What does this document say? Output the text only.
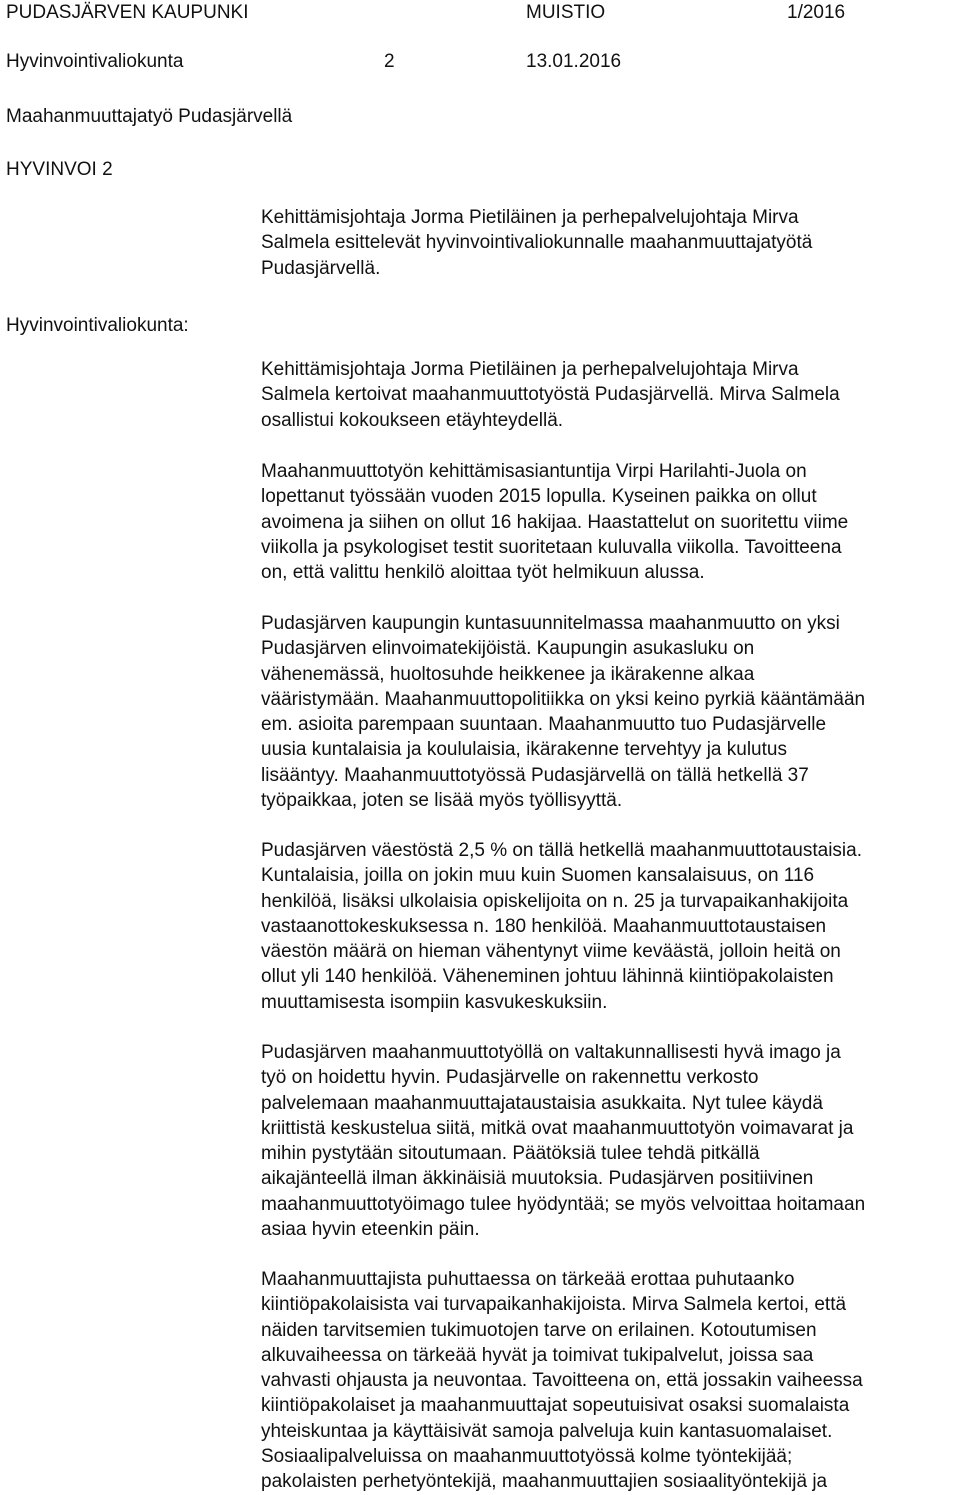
PUDASJÄRVEN KAUPUNKI	MUISTIO	1/2016

Hyvinvointivaliokunta	2	13.01.2016

Maahanmuuttajatyö Pudasjärvellä

HYVINVOI 2

Hyvinvointivaliokunta:

Kehittämisjohtaja Jorma Pietiläinen ja perhepalvelujohtaja Mirva
Salmela esittelevät hyvinvointivaliokunnalle maahanmuuttajatyötä
Pudasjärvellä.

Kehittämisjohtaja Jorma Pietiläinen ja perhepalvelujohtaja Mirva
Salmela kertoivat maahanmuuttotyöstä Pudasjärvellä. Mirva Salmela
osallistui kokoukseen etäyhteydellä.

Maahanmuuttotyön kehittämisasiantuntija Virpi Harilahti-Juola on
lopettanut työssään vuoden 2015 lopulla. Kyseinen paikka on ollut
avoimena ja siihen on ollut 16 hakijaa. Haastattelut on suoritettu viime
viikolla ja psykologiset testit suoritetaan kuluvalla viikolla. Tavoitteena
on, että valittu henkilö aloittaa työt helmikuun alussa.

Pudasjärven kaupungin kuntasuunnitelmassa maahanmuutto on yksi
Pudasjärven elinvoimatekijöistä. Kaupungin asukasluku on
vähenemässä, huoltosuhde heikkenee ja ikärakenne alkaa
vääristymään. Maahanmuuttopolitiikka on yksi keino pyrkiä kääntämään
em. asioita parempaan suuntaan. Maahanmuutto tuo Pudasjärvelle
uusia kuntalaisia ja koululaisia, ikärakenne tervehtyy ja kulutus
lisääntyy. Maahanmuuttotyössä Pudasjärvellä on tällä hetkellä 37
työpaikkaa, joten se lisää myös työllisyyttä.

Pudasjärven väestöstä 2,5 % on tällä hetkellä maahanmuuttotaustaisia.
Kuntalaisia, joilla on jokin muu kuin Suomen kansalaisuus, on 116
henkilöä, lisäksi ulkolaisia opiskelijoita on n. 25 ja turvapaikanhakijoita
vastaanottokeskuksessa n. 180 henkilöä. Maahanmuuttotaustaisen
väestön määrä on hieman vähentynyt viime keväästä, jolloin heitä on
ollut yli 140 henkilöä. Väheneminen johtuu lähinnä kiintiöpakolaisten
muuttamisesta isompiin kasvukeskuksiin.

Pudasjärven maahanmuuttotyöllä on valtakunnallisesti hyvä imago ja
työ on hoidettu hyvin. Pudasjärvelle on rakennettu verkosto
palvelemaan maahanmuuttajataustaisia asukkaita. Nyt tulee käydä
kriittistä keskustelua siitä, mitkä ovat maahanmuuttotyön voimavarat ja
mihin pystytään sitoutumaan. Päätöksiä tulee tehdä pitkällä
aikajänteellä ilman äkkinäisiä muutoksia. Pudasjärven positiivinen
maahanmuuttotyöimago tulee hyödyntää; se myös velvoittaa hoitamaan
asiaa hyvin eteenkin päin.

Maahanmuuttajista puhuttaessa on tärkeää erottaa puhutaanko
kiintiöpakolaisista vai turvapaikanhakijoista. Mirva Salmela kertoi, että
näiden tarvitsemien tukimuotojen tarve on erilainen. Kotoutumisen
alkuvaiheessa on tärkeää hyvät ja toimivat tukipalvelut, joissa saa
vahvasti ohjausta ja neuvontaa. Tavoitteena on, että jossakin vaiheessa
kiintiöpakolaiset ja maahanmuuttajat sopeutuisivat osaksi suomalaista
yhteiskuntaa ja käyttäisivät samoja palveluja kuin kantasuomalaiset.
Sosiaalipalveluissa on maahanmuuttotyössä kolme työntekijää;
pakolaisten perhetyöntekijä, maahanmuuttajien sosiaalityöntekijä ja
